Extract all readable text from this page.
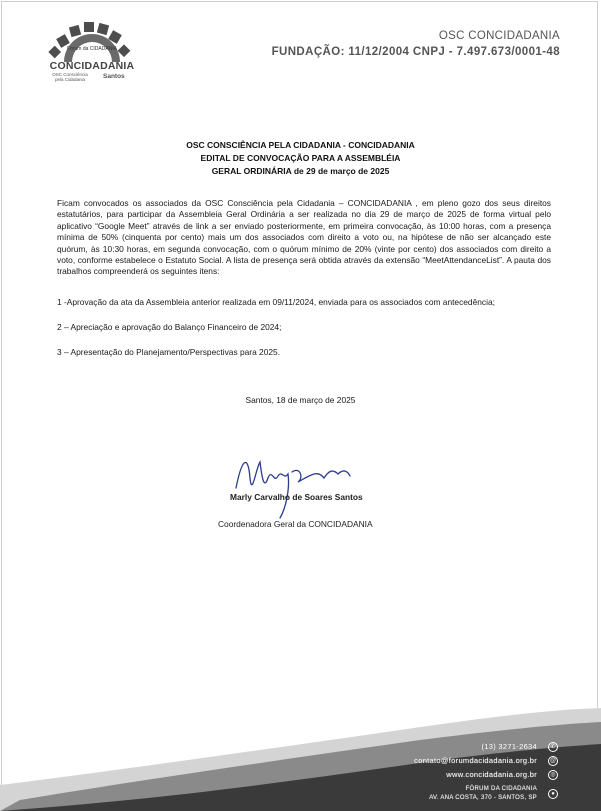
Fórum da CIDADANIA
CONCIDADANIA
OSC Consciência pela Cidadania	Santos
OSC CONCIDADANIA
FUNDAÇÃO: 11/12/2004 CNPJ - 7.497.673/0001-48
OSC CONSCIÊNCIA PELA CIDADANIA - CONCIDADANIA
EDITAL DE CONVOCAÇÃO PARA A ASSEMBLÉIA
GERAL ORDINÁRIA de 29 de março de 2025
Ficam convocados os associados da OSC Consciência pela Cidadania – CONCIDADANIA , em pleno gozo dos seus direitos estatutários, para participar da Assembleia Geral Ordinária a ser realizada no dia 29 de março de 2025 de forma virtual pelo aplicativo “Google Meet” através de link a ser enviado posteriormente, em primeira convocação, às 10:00 horas, com a presença mínima de 50% (cinquenta por cento) mais um dos associados com direito a voto ou, na hipótese de não ser alcançado este quórum, às 10:30 horas, em segunda convocação, com o quórum mínimo de 20% (vinte por cento) dos associados com direito a voto, conforme estabelece o Estatuto Social. A lista de presença será obtida através da extensão “MeetAttendanceList”. A pauta dos trabalhos compreenderá os seguintes itens:
1 -Aprovação da ata da Assembleia anterior realizada em 09/11/2024, enviada para os associados com antecedência;
2 – Apreciação e aprovação do Balanço Financeiro de 2024;
3 – Apresentação do Planejamento/Perspectivas para 2025.
Santos, 18 de março de 2025
Marly Carvalho de Soares Santos
Coordenadora Geral da CONCIDADANIA
(13) 3271-2634	✆
contato@forumdacidadania.org.br	@
www.concidadania.org.br	◎
FÓRUM DA CIDADANIA
AV. ANA COSTA, 370 - SANTOS, SP
●
